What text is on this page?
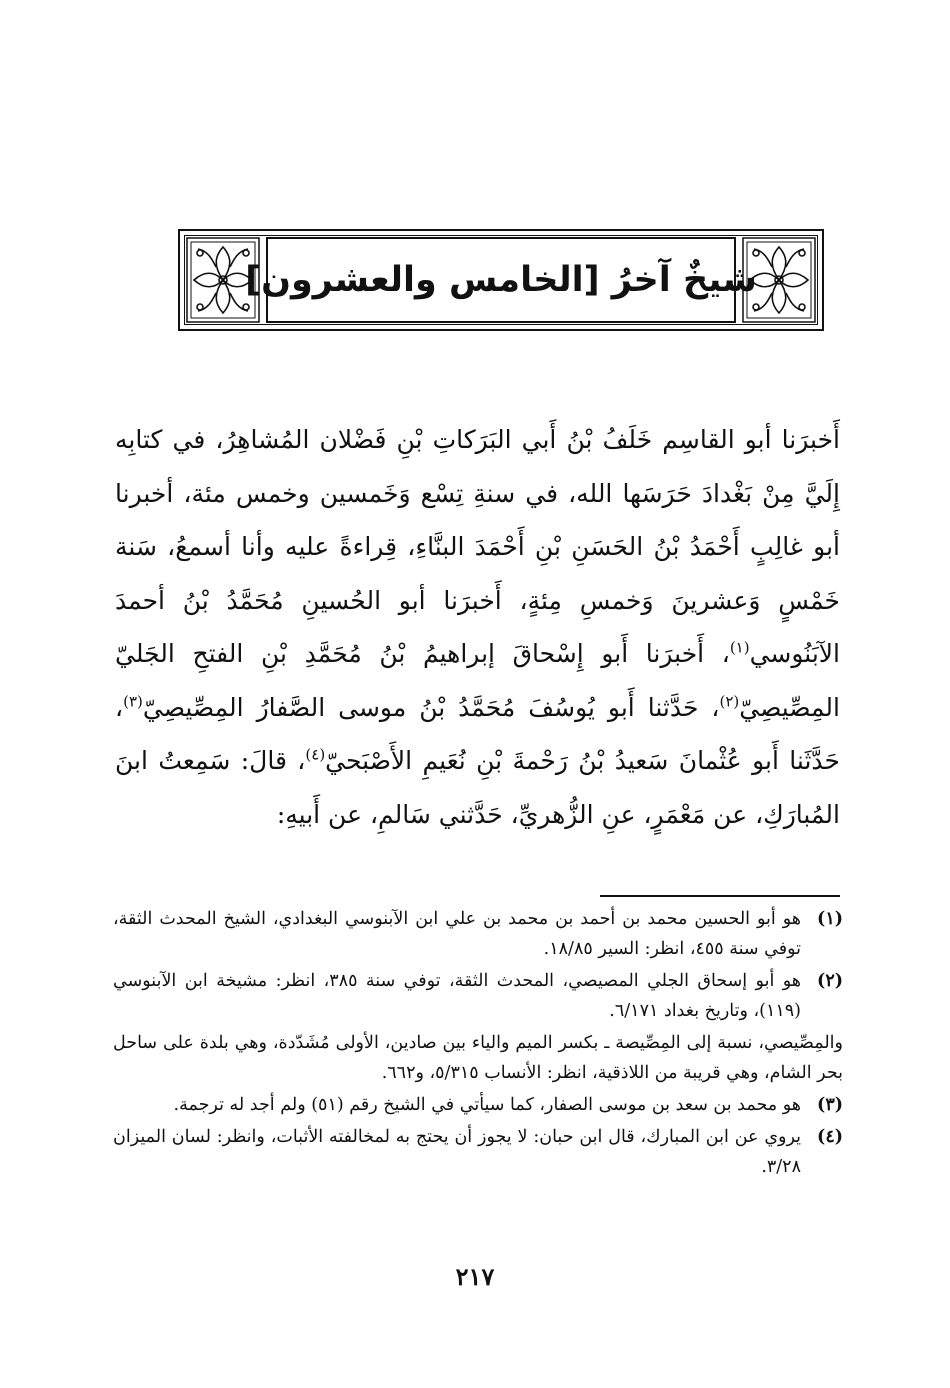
شيخٌ آخرُ [الخامس والعشرون]

أَخبرَنا أبو القاسِم خَلَفُ بْنُ أَبي البَرَكاتِ بْنِ فَضْلان المُشاهِرُ، في كتابِه إِلَيَّ مِنْ بَغْدادَ حَرَسَها الله، في سنةِ تِسْع وَخَمسين وخمس مئة، أخبرنا أبو غالِبٍ أَحْمَدُ بْنُ الحَسَنِ بْنِ أَحْمَدَ البنَّاءِ، قِراءةً عليه وأنا أسمعُ، سَنة خَمْسٍ وَعشرينَ وَخمسِ مِئةٍ، أَخبرَنا أبو الحُسينِ مُحَمَّدُ بْنُ أحمدَ الآبَنُوسي$^{(١)}$، أَخبرَنا أَبو إِسْحاقَ إبراهيمُ بْنُ مُحَمَّدِ بْنِ الفتحِ الجَليّ المِصِّيصِيّ$^{(٢)}$، حَدَّثنا أَبو يُوسُفَ مُحَمَّدُ بْنُ موسى الصَّفارُ المِصِّيصِيّ$^{(٣)}$، حَدَّثَنا أَبو عُثْمانَ سَعيدُ بْنُ رَحْمةَ بْنِ نُعَيمِ الأَصْبَحيّ$^{(٤)}$، قالَ: سَمِعتُ ابنَ المُبارَكِ، عن مَعْمَرٍ، عنِ الزُّهريِّ، حَدَّثني سَالمِ، عن أَبيهِ:

(١)
هو أبو الحسين محمد بن أحمد بن محمد بن علي ابن الآبنوسي البغدادي، الشيخ المحدث الثقة، توفي سنة ٤٥٥، انظر: السير ١٨/٨٥.
(٢)
هو أبو إسحاق الجلي المصيصي، المحدث الثقة، توفي سنة ٣٨٥، انظر: مشيخة ابن الآبنوسي (١١٩)، وتاريخ بغداد ٦/١٧١.
والمِصِّيصي، نسبة إلى المِصِّيصة ـ بكسر الميم والياء بين صادين، الأولى مُشَدّدة، وهي بلدة على ساحل بحر الشام، وهي قريبة من اللاذقية، انظر: الأنساب ٥/٣١٥، و٦٦٢.
(٣)
هو محمد بن سعد بن موسى الصفار، كما سيأتي في الشيخ رقم (٥١) ولم أجد له ترجمة.
(٤)
يروي عن ابن المبارك، قال ابن حبان: لا يجوز أن يحتج به لمخالفته الأثبات، وانظر: لسان الميزان ٣/٢٨.
٢١٧
